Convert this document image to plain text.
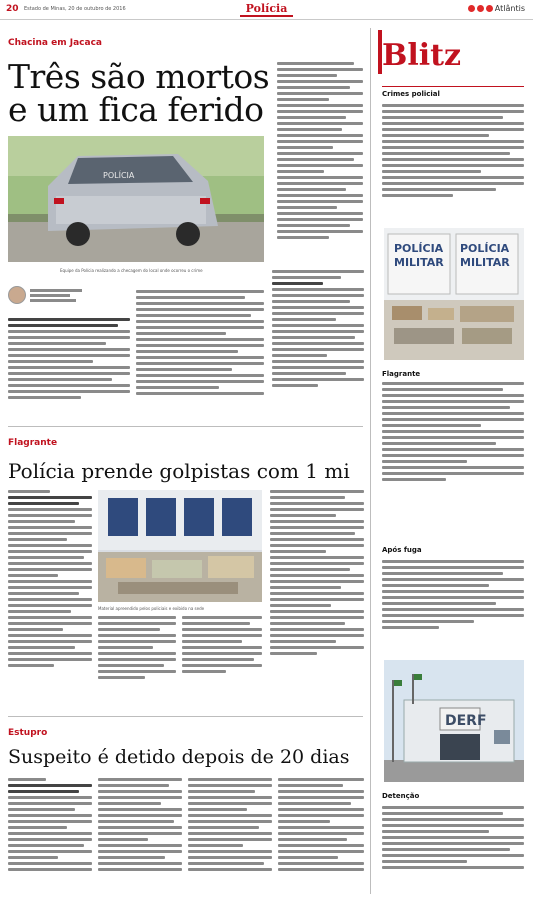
20 Estado de Minas, 20 de outubro de 2016	Polícia	Atlântis
Chacina em Jacaca
Três são mortos e um fica ferido
POLÍCIA
Equipe da Polícia realizando a checagem do local onde ocorreu o crime
Flagrante
Polícia prende golpistas com 1 mi
Material apreendido pelos policiais e exibido na sede
Estupro
Suspeito é detido depois de 20 dias
Blitz
Crimes policial
POLÍCIA
MILITAR
POLÍCIA
MILITAR
Flagrante
Após fuga
DERF
Detenção
